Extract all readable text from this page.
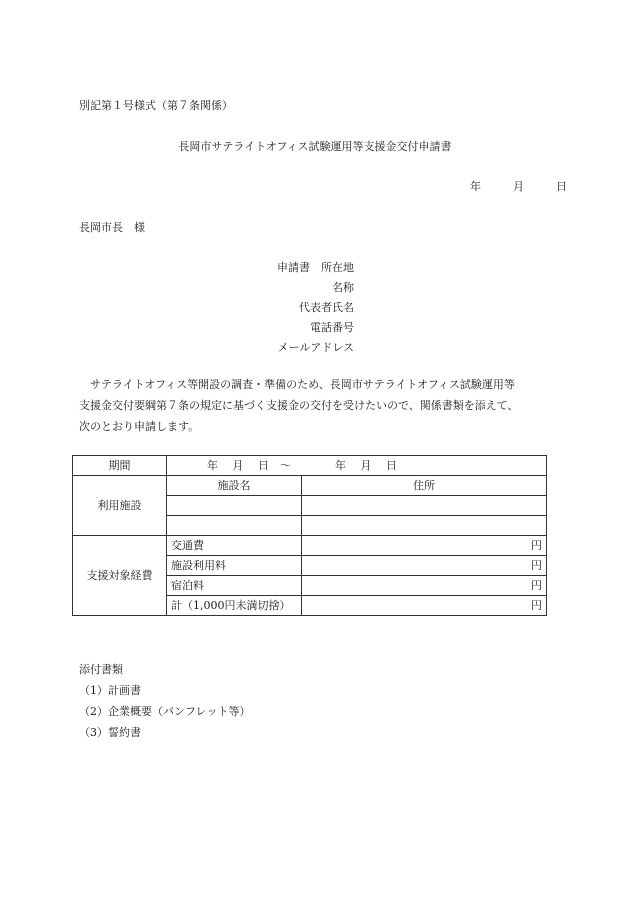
別記第１号様式（第７条関係）
長岡市サテライトオフィス試験運用等支援金交付申請書
年	月	日
長岡市長　様
申請書　所在地
名称
代表者氏名
電話番号
メールアドレス

　サテライトオフィス等開設の調査・準備のため、長岡市サテライトオフィス試験運用等

支援金交付要綱第７条の規定に基づく支援金の交付を受けたいので、関係書類を添えて、

次のとおり申請します。

期間	年　 月　 日　～　　　　年　 月　 日	
利用施設	施設名	住所

支援対象経費	交通費	円
	施設利用料	円
	宿泊料	円
	計（1,000円未満切捨）	円
添付書類
（1）計画書
（2）企業概要（パンフレット等）
（3）誓約書
